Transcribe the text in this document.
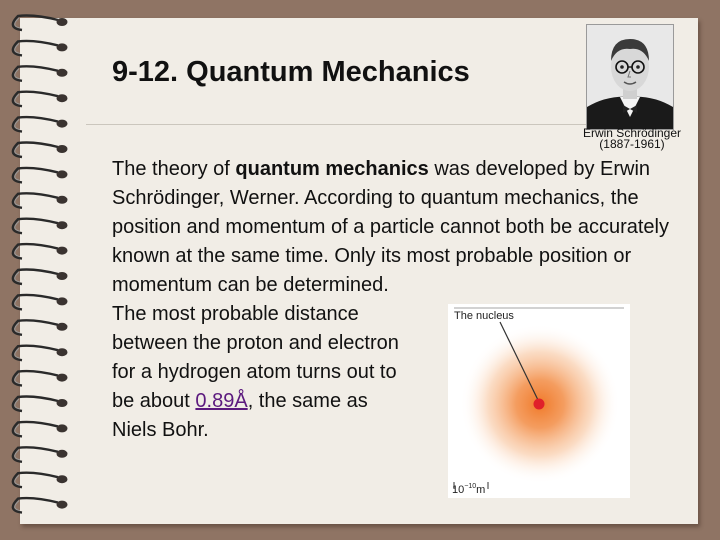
9-12. Quantum Mechanics
Erwin Schrödinger
(1887-1961)

The theory of quantum mechanics was developed by Erwin Schrödinger, Werner. According to quantum mechanics, the position and momentum of a particle cannot both be accurately known at the same time. Only its most probable position or momentum can be determined.

The most probable distance between the proton and electron for a hydrogen atom turns out to be about 0.89Å, the same as Niels Bohr.

The nucleus
$10^{-10}m$
